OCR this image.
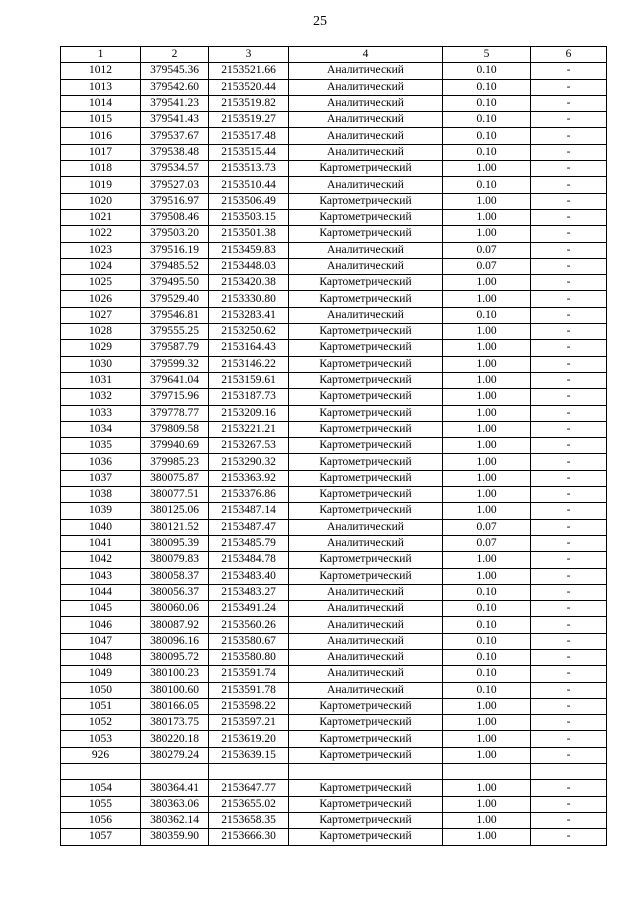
25
1	2	3	4	5	6
1012	379545.36	2153521.66	Аналитический	0.10	-
1013	379542.60	2153520.44	Аналитический	0.10	-
1014	379541.23	2153519.82	Аналитический	0.10	-
1015	379541.43	2153519.27	Аналитический	0.10	-
1016	379537.67	2153517.48	Аналитический	0.10	-
1017	379538.48	2153515.44	Аналитический	0.10	-
1018	379534.57	2153513.73	Картометрический	1.00	-
1019	379527.03	2153510.44	Аналитический	0.10	-
1020	379516.97	2153506.49	Картометрический	1.00	-
1021	379508.46	2153503.15	Картометрический	1.00	-
1022	379503.20	2153501.38	Картометрический	1.00	-
1023	379516.19	2153459.83	Аналитический	0.07	-
1024	379485.52	2153448.03	Аналитический	0.07	-
1025	379495.50	2153420.38	Картометрический	1.00	-
1026	379529.40	2153330.80	Картометрический	1.00	-
1027	379546.81	2153283.41	Аналитический	0.10	-
1028	379555.25	2153250.62	Картометрический	1.00	-
1029	379587.79	2153164.43	Картометрический	1.00	-
1030	379599.32	2153146.22	Картометрический	1.00	-
1031	379641.04	2153159.61	Картометрический	1.00	-
1032	379715.96	2153187.73	Картометрический	1.00	-
1033	379778.77	2153209.16	Картометрический	1.00	-
1034	379809.58	2153221.21	Картометрический	1.00	-
1035	379940.69	2153267.53	Картометрический	1.00	-
1036	379985.23	2153290.32	Картометрический	1.00	-
1037	380075.87	2153363.92	Картометрический	1.00	-
1038	380077.51	2153376.86	Картометрический	1.00	-
1039	380125.06	2153487.14	Картометрический	1.00	-
1040	380121.52	2153487.47	Аналитический	0.07	-
1041	380095.39	2153485.79	Аналитический	0.07	-
1042	380079.83	2153484.78	Картометрический	1.00	-
1043	380058.37	2153483.40	Картометрический	1.00	-
1044	380056.37	2153483.27	Аналитический	0.10	-
1045	380060.06	2153491.24	Аналитический	0.10	-
1046	380087.92	2153560.26	Аналитический	0.10	-
1047	380096.16	2153580.67	Аналитический	0.10	-
1048	380095.72	2153580.80	Аналитический	0.10	-
1049	380100.23	2153591.74	Аналитический	0.10	-
1050	380100.60	2153591.78	Аналитический	0.10	-
1051	380166.05	2153598.22	Картометрический	1.00	-
1052	380173.75	2153597.21	Картометрический	1.00	-
1053	380220.18	2153619.20	Картометрический	1.00	-
926	380279.24	2153639.15	Картометрический	1.00	-

1054	380364.41	2153647.77	Картометрический	1.00	-
1055	380363.06	2153655.02	Картометрический	1.00	-
1056	380362.14	2153658.35	Картометрический	1.00	-
1057	380359.90	2153666.30	Картометрический	1.00	-
